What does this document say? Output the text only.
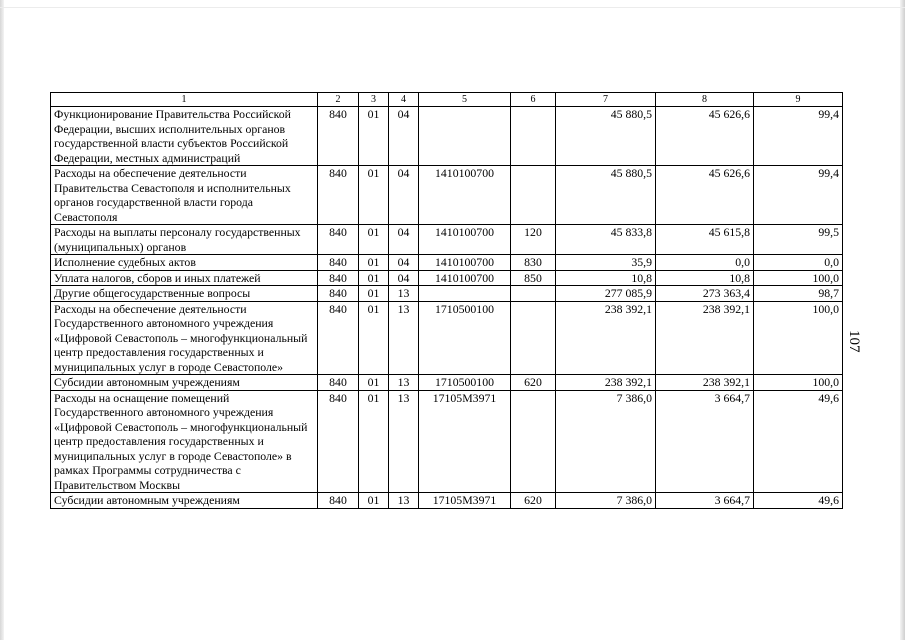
1	2	3	4	5	6	7	8	9
Функционирование Правительства Российской Федерации, высших исполнительных органов государственной власти субъектов Российской Федерации, местных администраций	840	01	04			45 880,5	45 626,6	99,4
Расходы на обеспечение деятельности Правительства Севастополя и исполнительных органов государственной власти города Севастополя	840	01	04	1410100700		45 880,5	45 626,6	99,4
Расходы на выплаты персоналу государственных (муниципальных) органов	840	01	04	1410100700	120	45 833,8	45 615,8	99,5
Исполнение судебных актов	840	01	04	1410100700	830	35,9	0,0	0,0
Уплата налогов, сборов и иных платежей	840	01	04	1410100700	850	10,8	10,8	100,0
Другие общегосударственные вопросы	840	01	13			277 085,9	273 363,4	98,7
Расходы на обеспечение деятельности Государственного автономного учреждения «Цифровой Севастополь – многофункциональный центр предоставления государственных и муниципальных услуг в городе Севастополе»	840	01	13	1710500100		238 392,1	238 392,1	100,0
Субсидии автономным учреждениям	840	01	13	1710500100	620	238 392,1	238 392,1	100,0
Расходы на оснащение помещений Государственного автономного учреждения «Цифровой Севастополь – многофункциональный центр предоставления государственных и муниципальных услуг в городе Севастополе» в рамках Программы сотрудничества с Правительством Москвы	840	01	13	17105M3971		7 386,0	3 664,7	49,6
Субсидии автономным учреждениям	840	01	13	17105M3971	620	7 386,0	3 664,7	49,6
107
